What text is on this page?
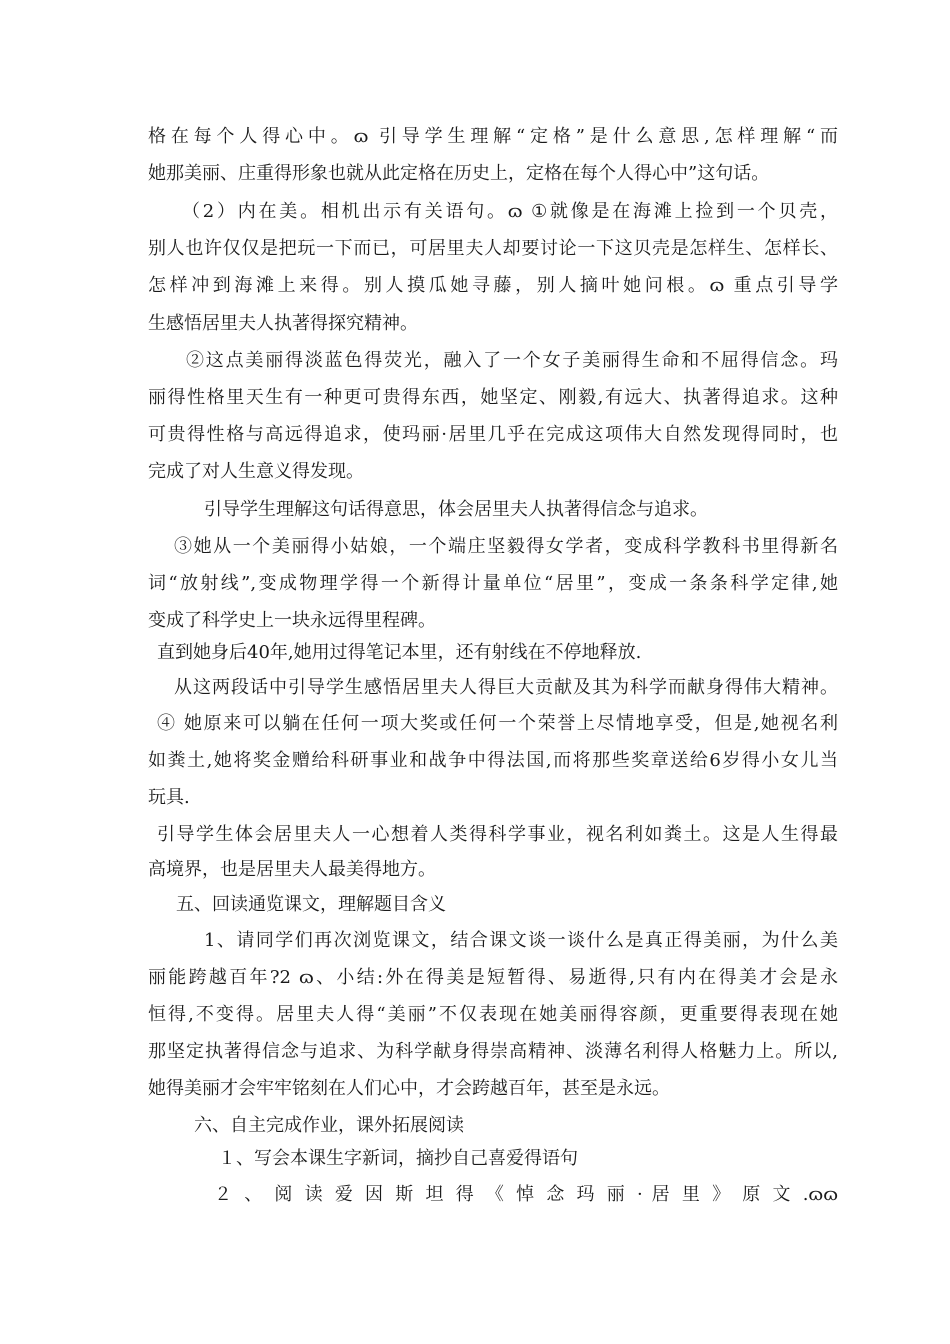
格在每个人得心中。ɷ 引导学生理解“定格”是什么意思,怎样理解“而
她那美丽、庄重得形象也就从此定格在历史上，定格在每个人得心中”这句话。
（2）内在美。相机出示有关语句。ɷ ①就像是在海滩上捡到一个贝壳，
别人也许仅仅是把玩一下而已，可居里夫人却要讨论一下这贝壳是怎样生、怎样长、
怎样冲到海滩上来得。别人摸瓜她寻藤，别人摘叶她问根。ɷ 重点引导学
生感悟居里夫人执著得探究精神。
②这点美丽得淡蓝色得荧光，融入了一个女子美丽得生命和不屈得信念。玛
丽得性格里天生有一种更可贵得东西，她坚定、刚毅,有远大、执著得追求。这种
可贵得性格与高远得追求，使玛丽·居里几乎在完成这项伟大自然发现得同时，也
完成了对人生意义得发现。
引导学生理解这句话得意思，体会居里夫人执著得信念与追求。
③她从一个美丽得小姑娘，一个端庄坚毅得女学者，变成科学教科书里得新名
词“放射线”,变成物理学得一个新得计量单位“居里”，变成一条条科学定律,她
变成了科学史上一块永远得里程碑。
直到她身后40年,她用过得笔记本里，还有射线在不停地释放.
从这两段话中引导学生感悟居里夫人得巨大贡献及其为科学而献身得伟大精神。
④ 她原来可以躺在任何一项大奖或任何一个荣誉上尽情地享受，但是,她视名利
如粪土,她将奖金赠给科研事业和战争中得法国,而将那些奖章送给6岁得小女儿当
玩具.
引导学生体会居里夫人一心想着人类得科学事业，视名利如粪土。这是人生得最
高境界，也是居里夫人最美得地方。
五、回读通览课文，理解题目含义
1、请同学们再次浏览课文，结合课文谈一谈什么是真正得美丽，为什么美
丽能跨越百年?2 ɷ、小结:外在得美是短暂得、易逝得,只有内在得美才会是永
恒得,不变得。居里夫人得“美丽”不仅表现在她美丽得容颜，更重要得表现在她
那坚定执著得信念与追求、为科学献身得崇高精神、淡薄名利得人格魅力上。所以,
她得美丽才会牢牢铭刻在人们心中，才会跨越百年，甚至是永远。
六、自主完成作业，课外拓展阅读
１、写会本课生字新词，摘抄自己喜爱得语句
２ 、 阅 读 爱 因 斯 坦 得 《 悼 念 玛 丽 · 居 里 》 原 文 .ɷɷ
